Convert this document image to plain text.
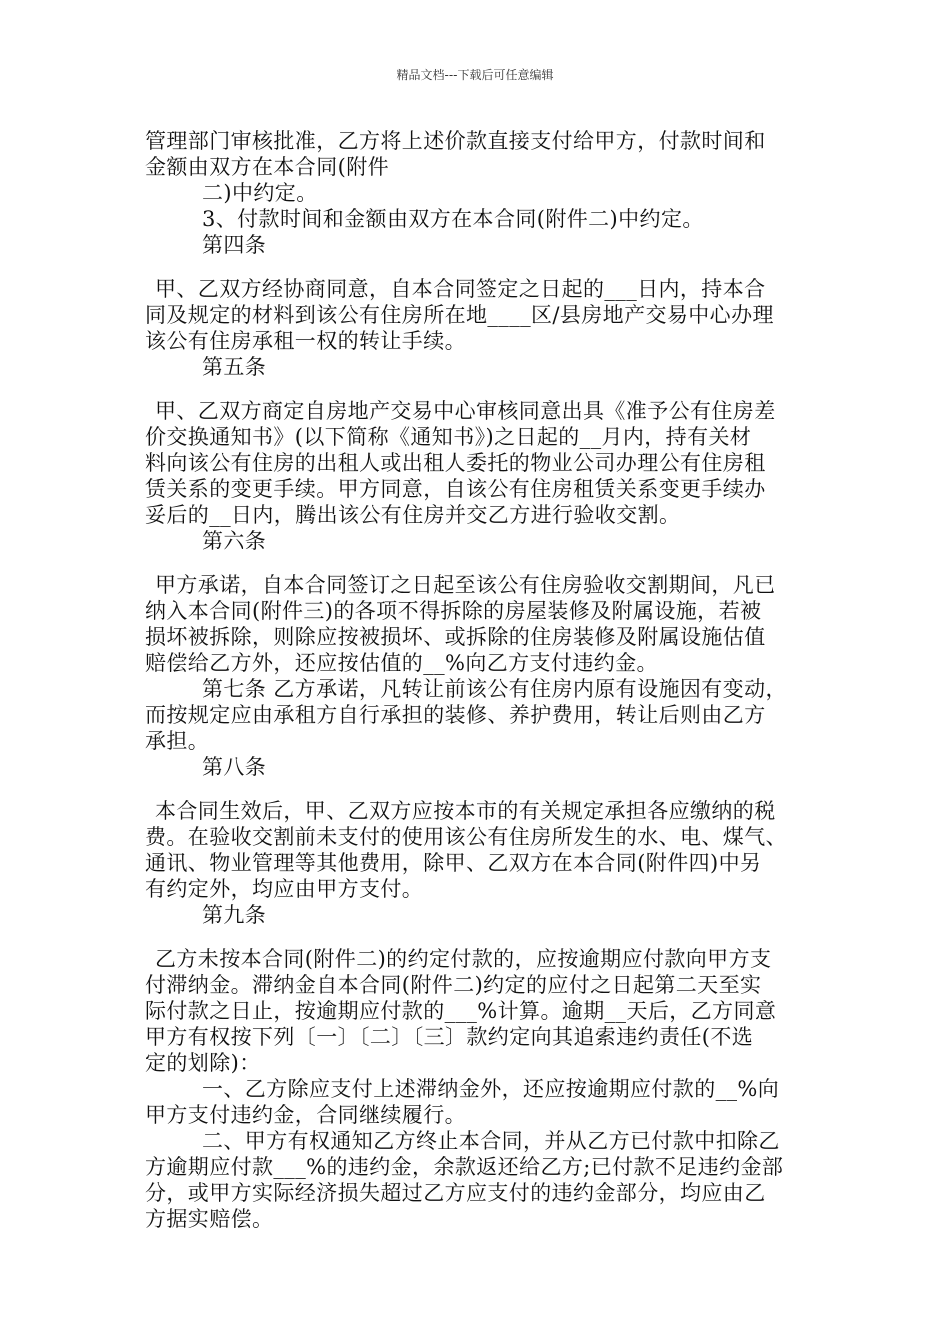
精品文档---下载后可任意编辑
管理部门审核批准，乙方将上述价款直接支付给甲方，付款时间和
金额由双方在本合同(附件
二)中约定。
3、付款时间和金额由双方在本合同(附件二)中约定。
第四条
甲、乙双方经协商同意，自本合同签定之日起的___日内，持本合
同及规定的材料到该公有住房所在地____区/县房地产交易中心办理
该公有住房承租一权的转让手续。
第五条
甲、乙双方商定自房地产交易中心审核同意出具《准予公有住房差
价交换通知书》(以下简称《通知书》)之日起的__月内，持有关材
料向该公有住房的出租人或出租人委托的物业公司办理公有住房租
赁关系的变更手续。甲方同意，自该公有住房租赁关系变更手续办
妥后的__日内，腾出该公有住房并交乙方进行验收交割。
第六条
甲方承诺，自本合同签订之日起至该公有住房验收交割期间，凡已
纳入本合同(附件三)的各项不得拆除的房屋装修及附属设施，若被
损坏被拆除，则除应按被损坏、或拆除的住房装修及附属设施估值
赔偿给乙方外，还应按估值的__%向乙方支付违约金。
第七条 乙方承诺，凡转让前该公有住房内原有设施因有变动，
而按规定应由承租方自行承担的装修、养护费用，转让后则由乙方
承担。
第八条
本合同生效后，甲、乙双方应按本市的有关规定承担各应缴纳的税
费。在验收交割前未支付的使用该公有住房所发生的水、电、煤气、
通讯、物业管理等其他费用，除甲、乙双方在本合同(附件四)中另
有约定外，均应由甲方支付。
第九条
乙方未按本合同(附件二)的约定付款的，应按逾期应付款向甲方支
付滞纳金。滞纳金自本合同(附件二)约定的应付之日起第二天至实
际付款之日止，按逾期应付款的___%计算。逾期__天后，乙方同意
甲方有权按下列〔一〕〔二〕〔三〕款约定向其追索违约责任(不选
定的划除)：
一、乙方除应支付上述滞纳金外，还应按逾期应付款的__%向
甲方支付违约金，合同继续履行。
二、甲方有权通知乙方终止本合同，并从乙方已付款中扣除乙
方逾期应付款___%的违约金，余款返还给乙方;已付款不足违约金部
分，或甲方实际经济损失超过乙方应支付的违约金部分，均应由乙
方据实赔偿。
